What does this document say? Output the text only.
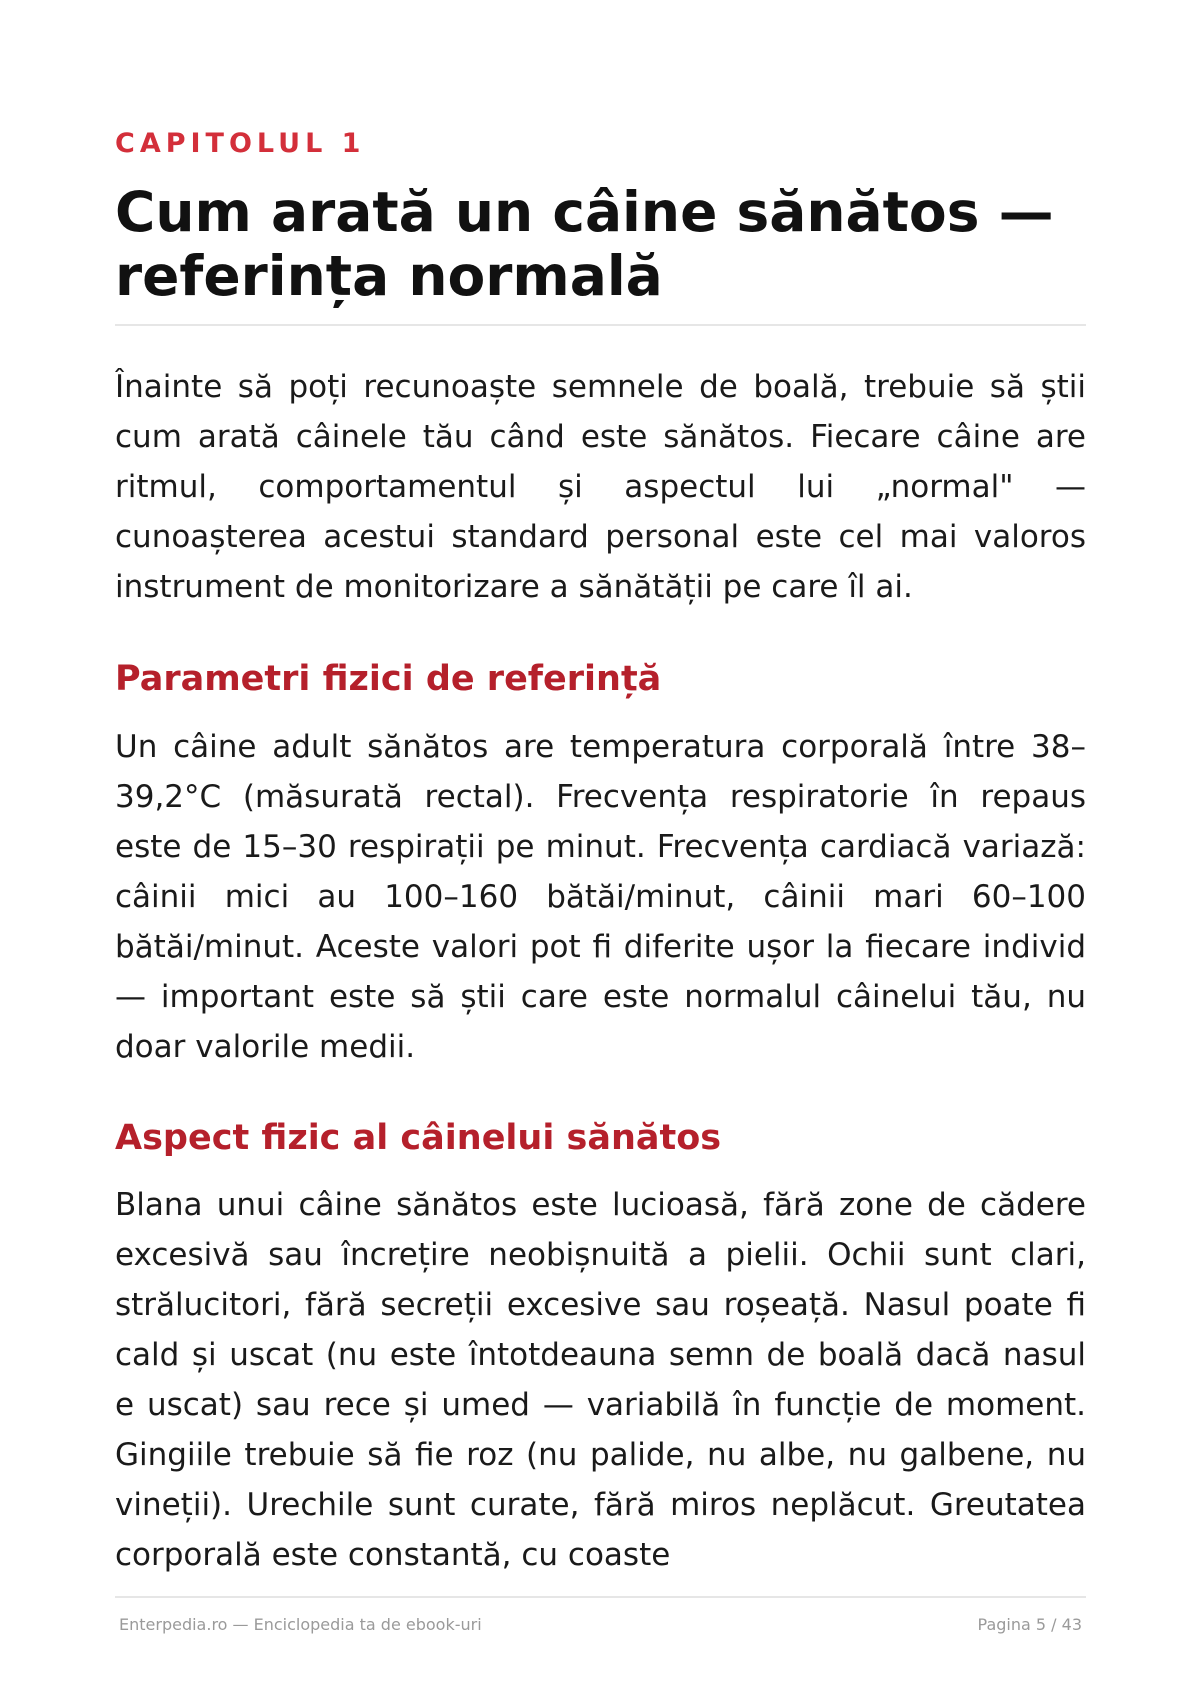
CAPITOLUL 1

Cum arată un câine sănătos — referința normală

Înainte să poți recunoaște semnele de boală, trebuie să știi cum arată câinele tău când este sănătos. Fiecare câine are ritmul, comportamentul și aspectul lui „normal" — cunoașterea acestui standard personal este cel mai valoros instrument de monitorizare a sănătății pe care îl ai.

Parametri fizici de referință

Un câine adult sănătos are temperatura corporală între 38–39,2°C (măsurată rectal). Frecvența respiratorie în repaus este de 15–30 respirații pe minut. Frecvența cardiacă variază: câinii mici au 100–160 bătăi/minut, câinii mari 60–100 bătăi/minut. Aceste valori pot fi diferite ușor la fiecare individ — important este să știi care este normalul câinelui tău, nu doar valorile medii.

Aspect fizic al câinelui sănătos

Blana unui câine sănătos este lucioasă, fără zone de cădere excesivă sau încrețire neobișnuită a pielii. Ochii sunt clari, strălucitori, fără secreții excesive sau roșeață. Nasul poate fi cald și uscat (nu este întotdeauna semn de boală dacă nasul e uscat) sau rece și umed — variabilă în funcție de moment. Gingiile trebuie să fie roz (nu palide, nu albe, nu galbene, nu vineții). Urechile sunt curate, fără miros neplăcut. Greutatea corporală este constantă, cu coaste

Enterpedia.ro — Enciclopedia ta de ebook-uri	Pagina 5 / 43
